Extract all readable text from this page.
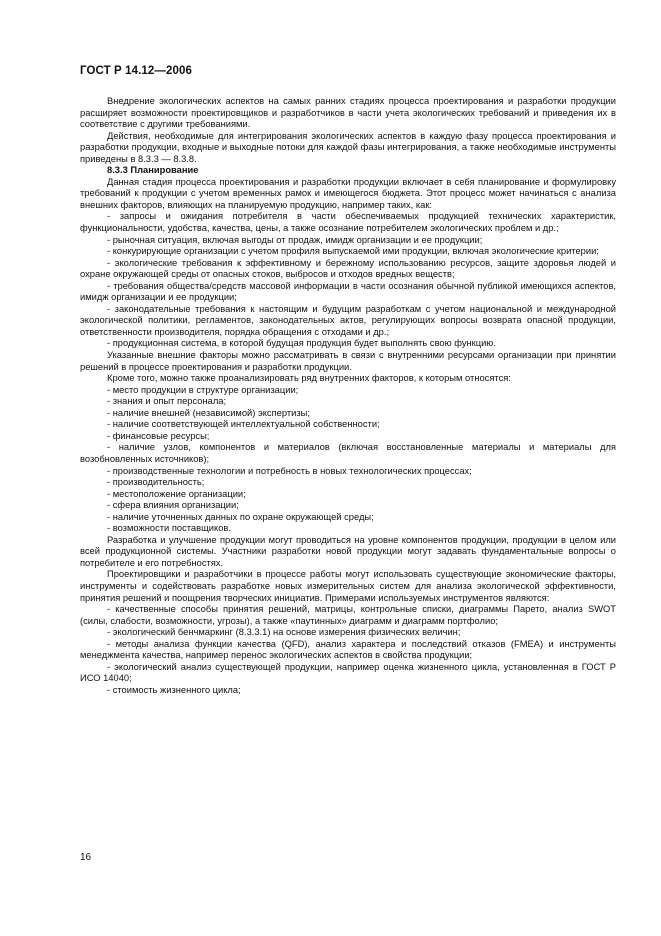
ГОСТ Р 14.12—2006

Внедрение экологических аспектов на самых ранних стадиях процесса проектирования и разработки продукции расширяет возможности проектировщиков и разработчиков в части учета экологических требований и приведения их в соответствие с другими требованиями.

Действия, необходимые для интегрирования экологических аспектов в каждую фазу процесса проектирования и разработки продукции, входные и выходные потоки для каждой фазы интегрирования, а также необходимые инструменты приведены в 8.3.3 — 8.3.8.

8.3.3 Планирование

Данная стадия процесса проектирования и разработки продукции включает в себя планирование и формулировку требований к продукции с учетом временных рамок и имеющегося бюджета. Этот процесс может начинаться с анализа внешних факторов, влияющих на планируемую продукцию, например таких, как:

- запросы и ожидания потребителя в части обеспечиваемых продукцией технических характеристик, функциональности, удобства, качества, цены, а также осознание потребителем экологических проблем и др.;

- рыночная ситуация, включая выгоды от продаж, имидж организации и ее продукции;

- конкурирующие организации с учетом профиля выпускаемой ими продукции, включая экологические критерии;

- экологические требования к эффективному и бережному использованию ресурсов, защите здоровья людей и охране окружающей среды от опасных стоков, выбросов и отходов вредных веществ;

- требования общества/средств массовой информации в части осознания обычной публикой имеющихся аспектов, имидж организации и ее продукции;

- законодательные требования к настоящим и будущим разработкам с учетом национальной и международной экологической политики, регламентов, законодательных актов, регулирующих вопросы возврата опасной продукции, ответственности производителя, порядка обращения с отходами и др.;

- продукционная система, в которой будущая продукция будет выполнять свою функцию.

Указанные внешние факторы можно рассматривать в связи с внутренними ресурсами организации при принятии решений в процессе проектирования и разработки продукции.

Кроме того, можно также проанализировать ряд внутренних факторов, к которым относятся:

- место продукции в структуре организации;

- знания и опыт персонала;

- наличие внешней (независимой) экспертизы;

- наличие соответствующей интеллектуальной собственности;

- финансовые ресурсы;

- наличие узлов, компонентов и материалов (включая восстановленные материалы и материалы для возобновленных источников);

- производственные технологии и потребность в новых технологических процессах;

- производительность;

- местоположение организации;

- сфера влияния организации;

- наличие уточненных данных по охране окружающей среды;

- возможности поставщиков.

Разработка и улучшение продукции могут проводиться на уровне компонентов продукции, продукции в целом или всей продукционной системы. Участники разработки новой продукции могут задавать фундаментальные вопросы о потребителе и его потребностях.

Проектировщики и разработчики в процессе работы могут использовать существующие экономические факторы, инструменты и содействовать разработке новых измерительных систем для анализа экологической эффективности, принятия решений и поощрения творческих инициатив. Примерами используемых инструментов являются:

- качественные способы принятия решений, матрицы, контрольные списки, диаграммы Парето, анализ SWOT (силы, слабости, возможности, угрозы), а также «паутинных» диаграмм и диаграмм портфолио;

- экологический бенчмаркинг (8.3.3.1) на основе измерения физических величин;

- методы анализа функции качества (QFD), анализ характера и последствий отказов (FMEA) и инструменты менеджмента качества, например перенос экологических аспектов в свойства продукции;

- экологический анализ существующей продукции, например оценка жизненного цикла, установленная в ГОСТ Р ИСО 14040;

- стоимость жизненного цикла;

16
